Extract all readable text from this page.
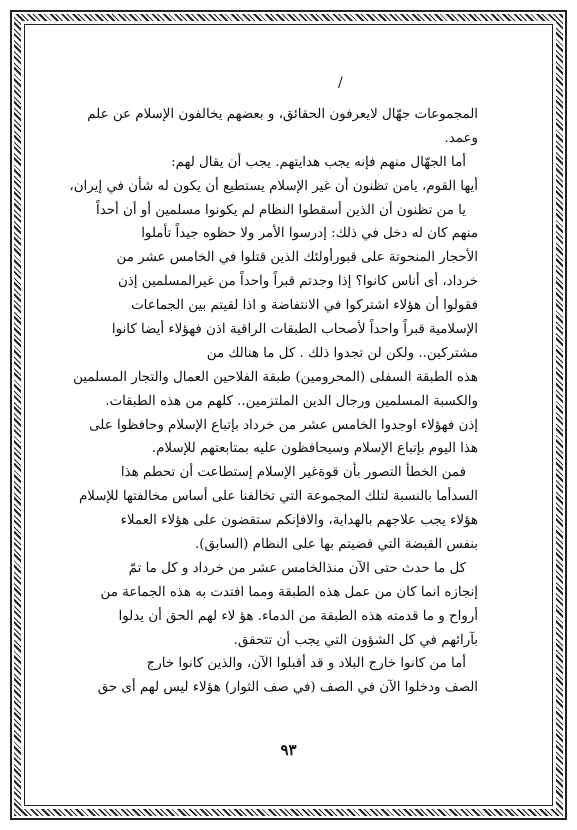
/
المجموعات جهّال لايعرفون الحقائق، و بعضهم يخالفون الإسلام عن علم
وعمد.
أما الجهّال منهم فإنه يجب هدايتهم. يجب أن يقال لهم:
أيها القوم، يامن تظنون أن غير الإسلام يستطيع أن يكون له شأن في إيران،
يا من تظنون أن الذين أسقطوا النظام لم يكونوا مسلمين أو أن أحداً
منهم كان له دخل في ذلك: إدرسوا الأمر ولا حظوه جيداً تأملوا
الأحجار المنحوتة على قبورأولئك الذين قتلوا في الخامس عشر من
خرداد، أى أناس كانوا؟ إذا وجدتم قبراً واحداً من غيرالمسلمين إذن
فقولوا أن هؤلاء اشتركوا في الانتفاضة و اذا لقيتم بين الجماعات
الإسلامية قبراً واحداً لأصحاب الطبقات الراقية اذن فهؤلاء أيضا كانوا
مشتركين.. ولكن لن تجدوا ذلك . كل ما هنالك من
هذه الطبقة السفلى (المحرومين) طبقة الفلاحين العمال والتجار المسلمين
والكسبة المسلمين ورجال الدين الملتزمين.. كلهم من هذه الطبقات.
إذن فهؤلاء اوجدوا الخامس عشر من خرداد بإتباع الإسلام وحافظوا على
هذا اليوم بإتباع الإسلام وسيحافظون عليه بمتابعتهم للإسلام.
فمن الخطأ التصور بأن قوةغير الإسلام إستطاعت أن تحطم هذا
السدأما بالنسبة لتلك المجموعة التي تخالفنا على أساس مخالفتها للإسلام
هؤلاء يجب علاجهم بالهداية، والافإنكم ستقضون على هؤلاء العملاء
بنفس القبضة التي قضيتم بها على النظام (السابق).
كل ما حدث حتى الآن منذالخامس عشر من خرداد و كل ما تمّ
إنجازه انما كان من عمل هذه الطبقة ومما افتدت به هذه الجماعة من
أرواح و ما قدمته هذه الطبقة من الدماء. هؤ لاء لهم الحق أن يدلوا
بآرائهم في كل الشؤون التي يجب أن تتحقق.
أما من كانوا خارج البلاد و قد أقبلوا الآن، والذين كانوا خارج
الصف ودخلوا الآن في الصف (في صف الثوار) هؤلاء ليس لهم أى حق
٩٣
